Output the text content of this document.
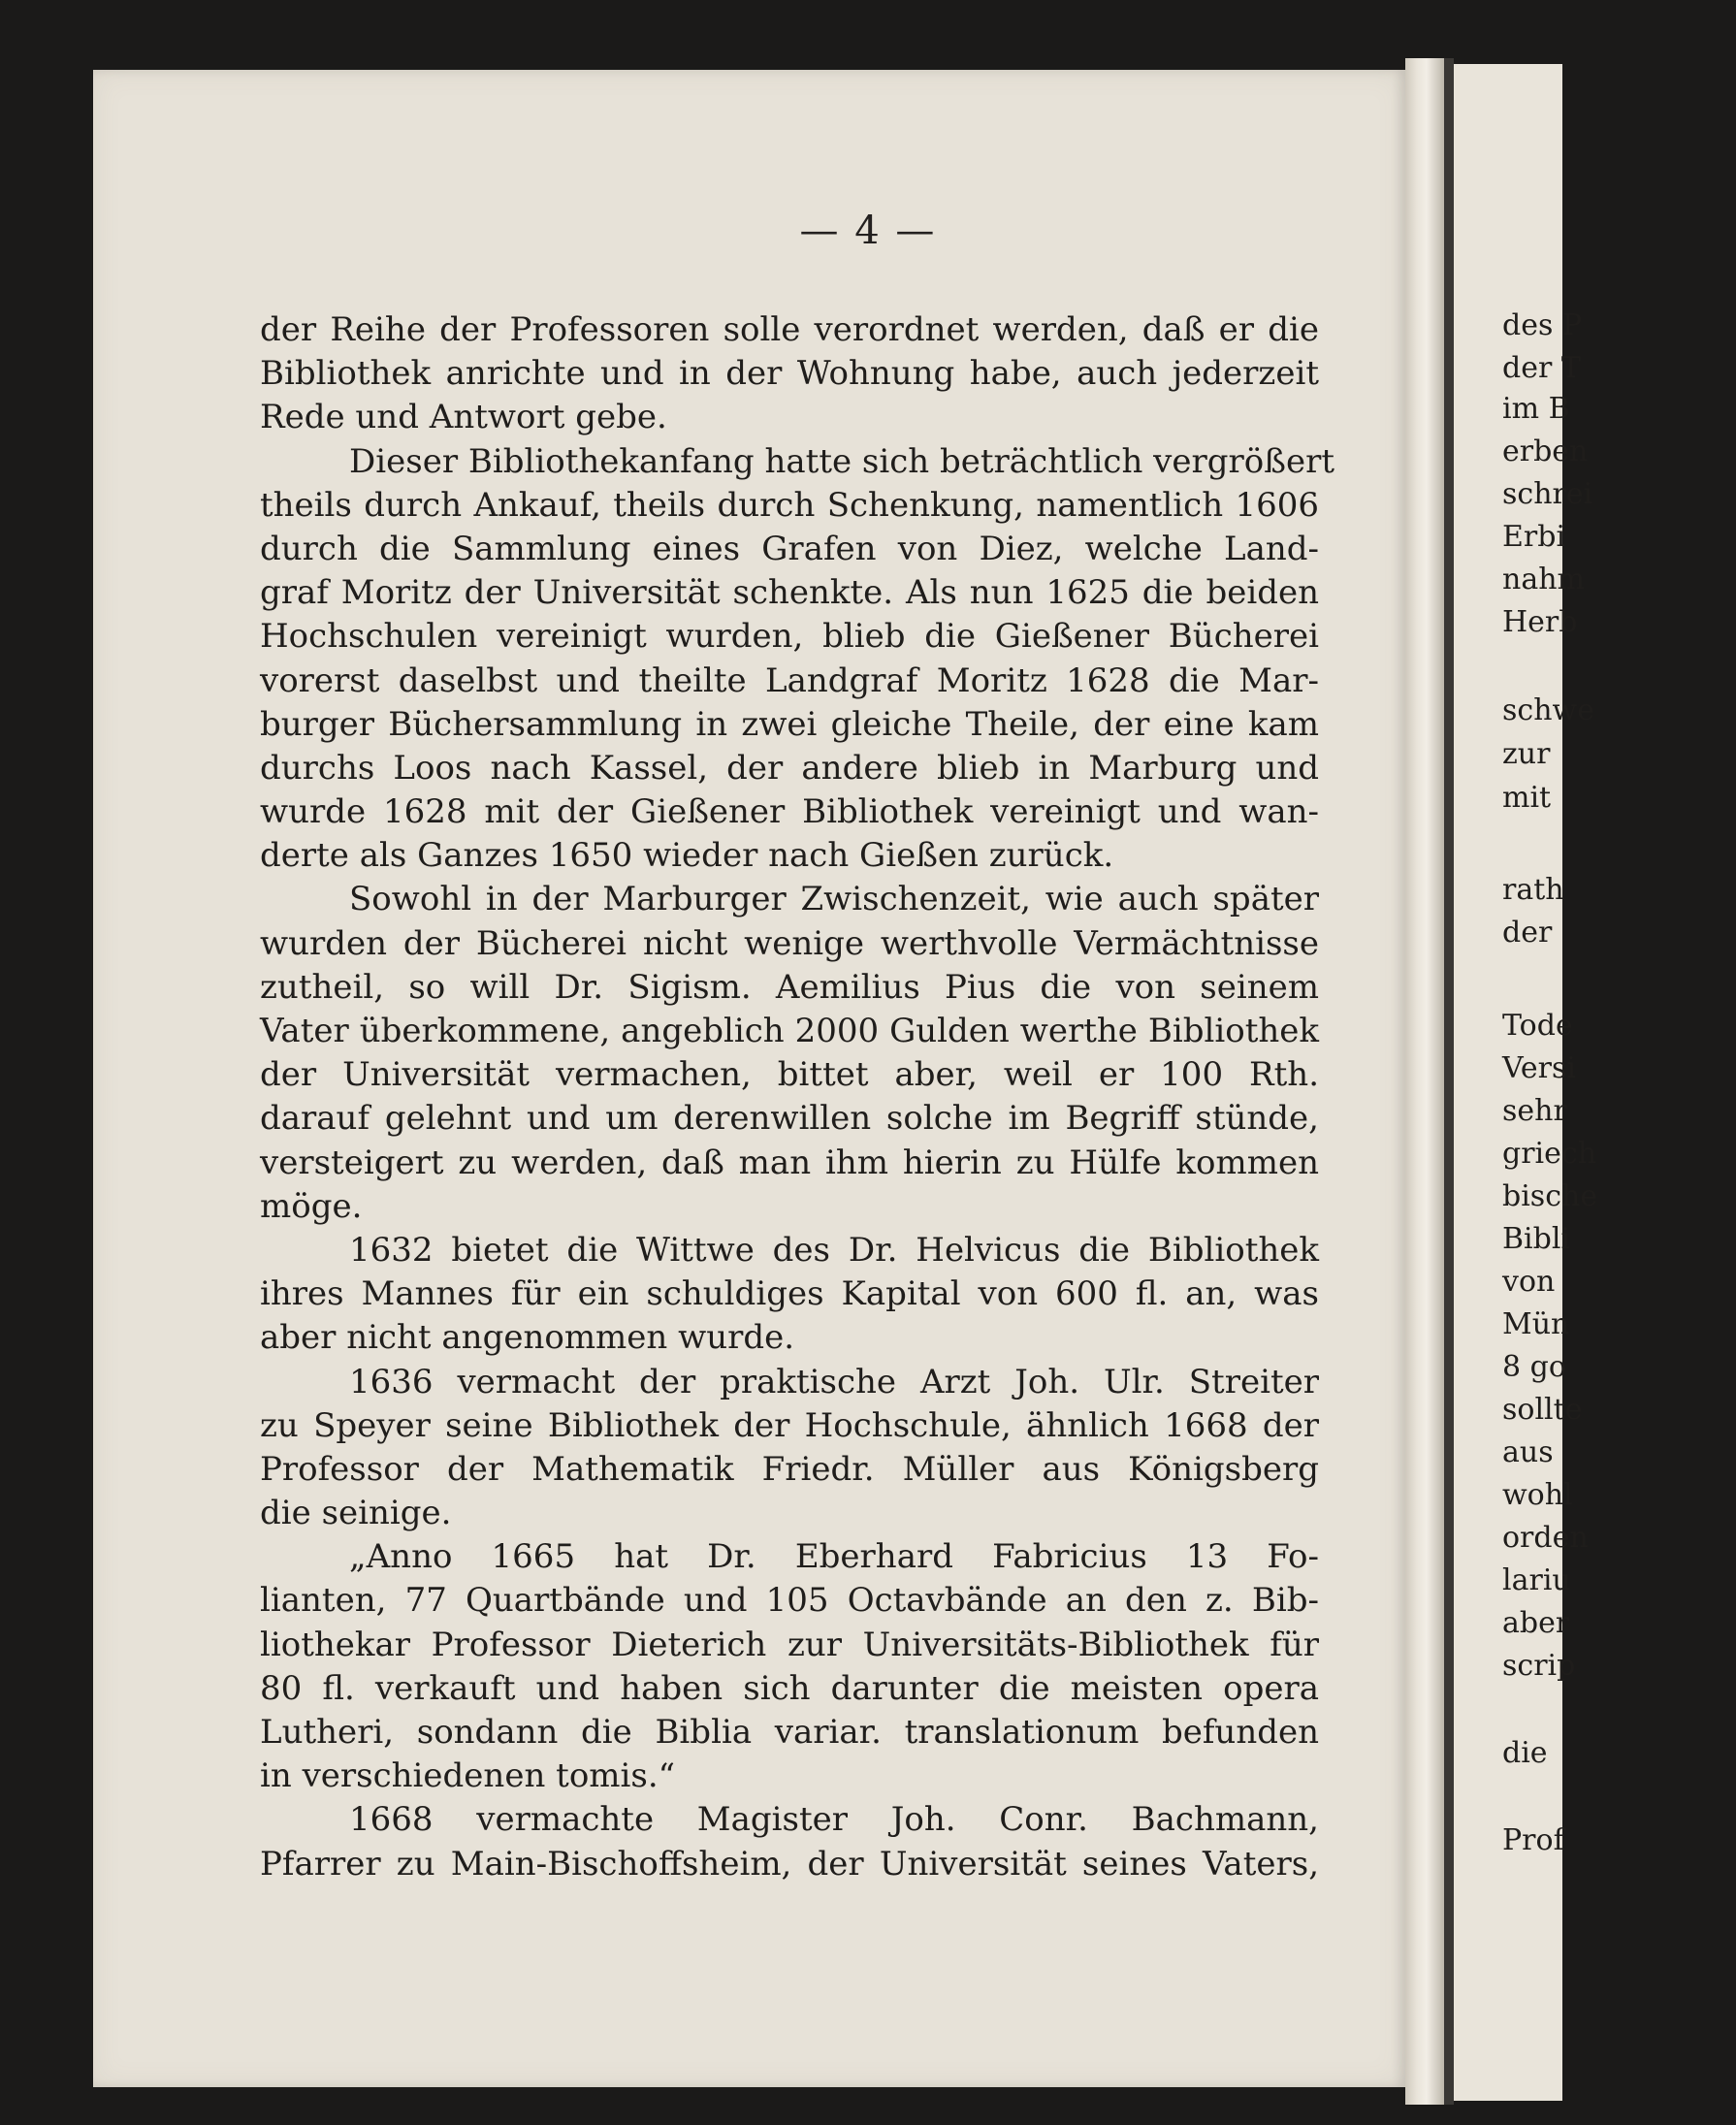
des P
der T
im B
erben
schrei
Erbi
nahm
Herb
schwe
zur
mit
rath
der
Tode
Versi
sehr
griech
bische
Bibli
von
Mün
8 go
sollte
aus
wohl
orden
lariu
aber
scrip
die
Prof
— 4 —
der Reihe der Professoren solle verordnet werden, daß er die
Bibliothek anrichte und in der Wohnung habe, auch jederzeit
Rede und Antwort gebe.
Dieser Bibliothekanfang hatte sich beträchtlich vergrößert
theils durch Ankauf, theils durch Schenkung, namentlich 1606
durch die Sammlung eines Grafen von Diez, welche Land-
graf Moritz der Universität schenkte. Als nun 1625 die beiden
Hochschulen vereinigt wurden, blieb die Gießener Bücherei
vorerst daselbst und theilte Landgraf Moritz 1628 die Mar-
burger Büchersammlung in zwei gleiche Theile, der eine kam
durchs Loos nach Kassel, der andere blieb in Marburg und
wurde 1628 mit der Gießener Bibliothek vereinigt und wan-
derte als Ganzes 1650 wieder nach Gießen zurück.
Sowohl in der Marburger Zwischenzeit, wie auch später
wurden der Bücherei nicht wenige werthvolle Vermächtnisse
zutheil, so will Dr. Sigism. Aemilius Pius die von seinem
Vater überkommene, angeblich 2000 Gulden werthe Bibliothek
der Universität vermachen, bittet aber, weil er 100 Rth.
darauf gelehnt und um derenwillen solche im Begriff stünde,
versteigert zu werden, daß man ihm hierin zu Hülfe kommen
möge.
1632 bietet die Wittwe des Dr. Helvicus die Bibliothek
ihres Mannes für ein schuldiges Kapital von 600 fl. an, was
aber nicht angenommen wurde.
1636 vermacht der praktische Arzt Joh. Ulr. Streiter
zu Speyer seine Bibliothek der Hochschule, ähnlich 1668 der
Professor der Mathematik Friedr. Müller aus Königsberg
die seinige.
„Anno 1665 hat Dr. Eberhard Fabricius 13 Fo-
lianten, 77 Quartbände und 105 Octavbände an den z. Bib-
liothekar Professor Dieterich zur Universitäts-Bibliothek für
80 fl. verkauft und haben sich darunter die meisten opera
Lutheri, sondann die Biblia variar. translationum befunden
in verschiedenen tomis.“
1668 vermachte Magister Joh. Conr. Bachmann,
Pfarrer zu Main-Bischoffsheim, der Universität seines Vaters,
